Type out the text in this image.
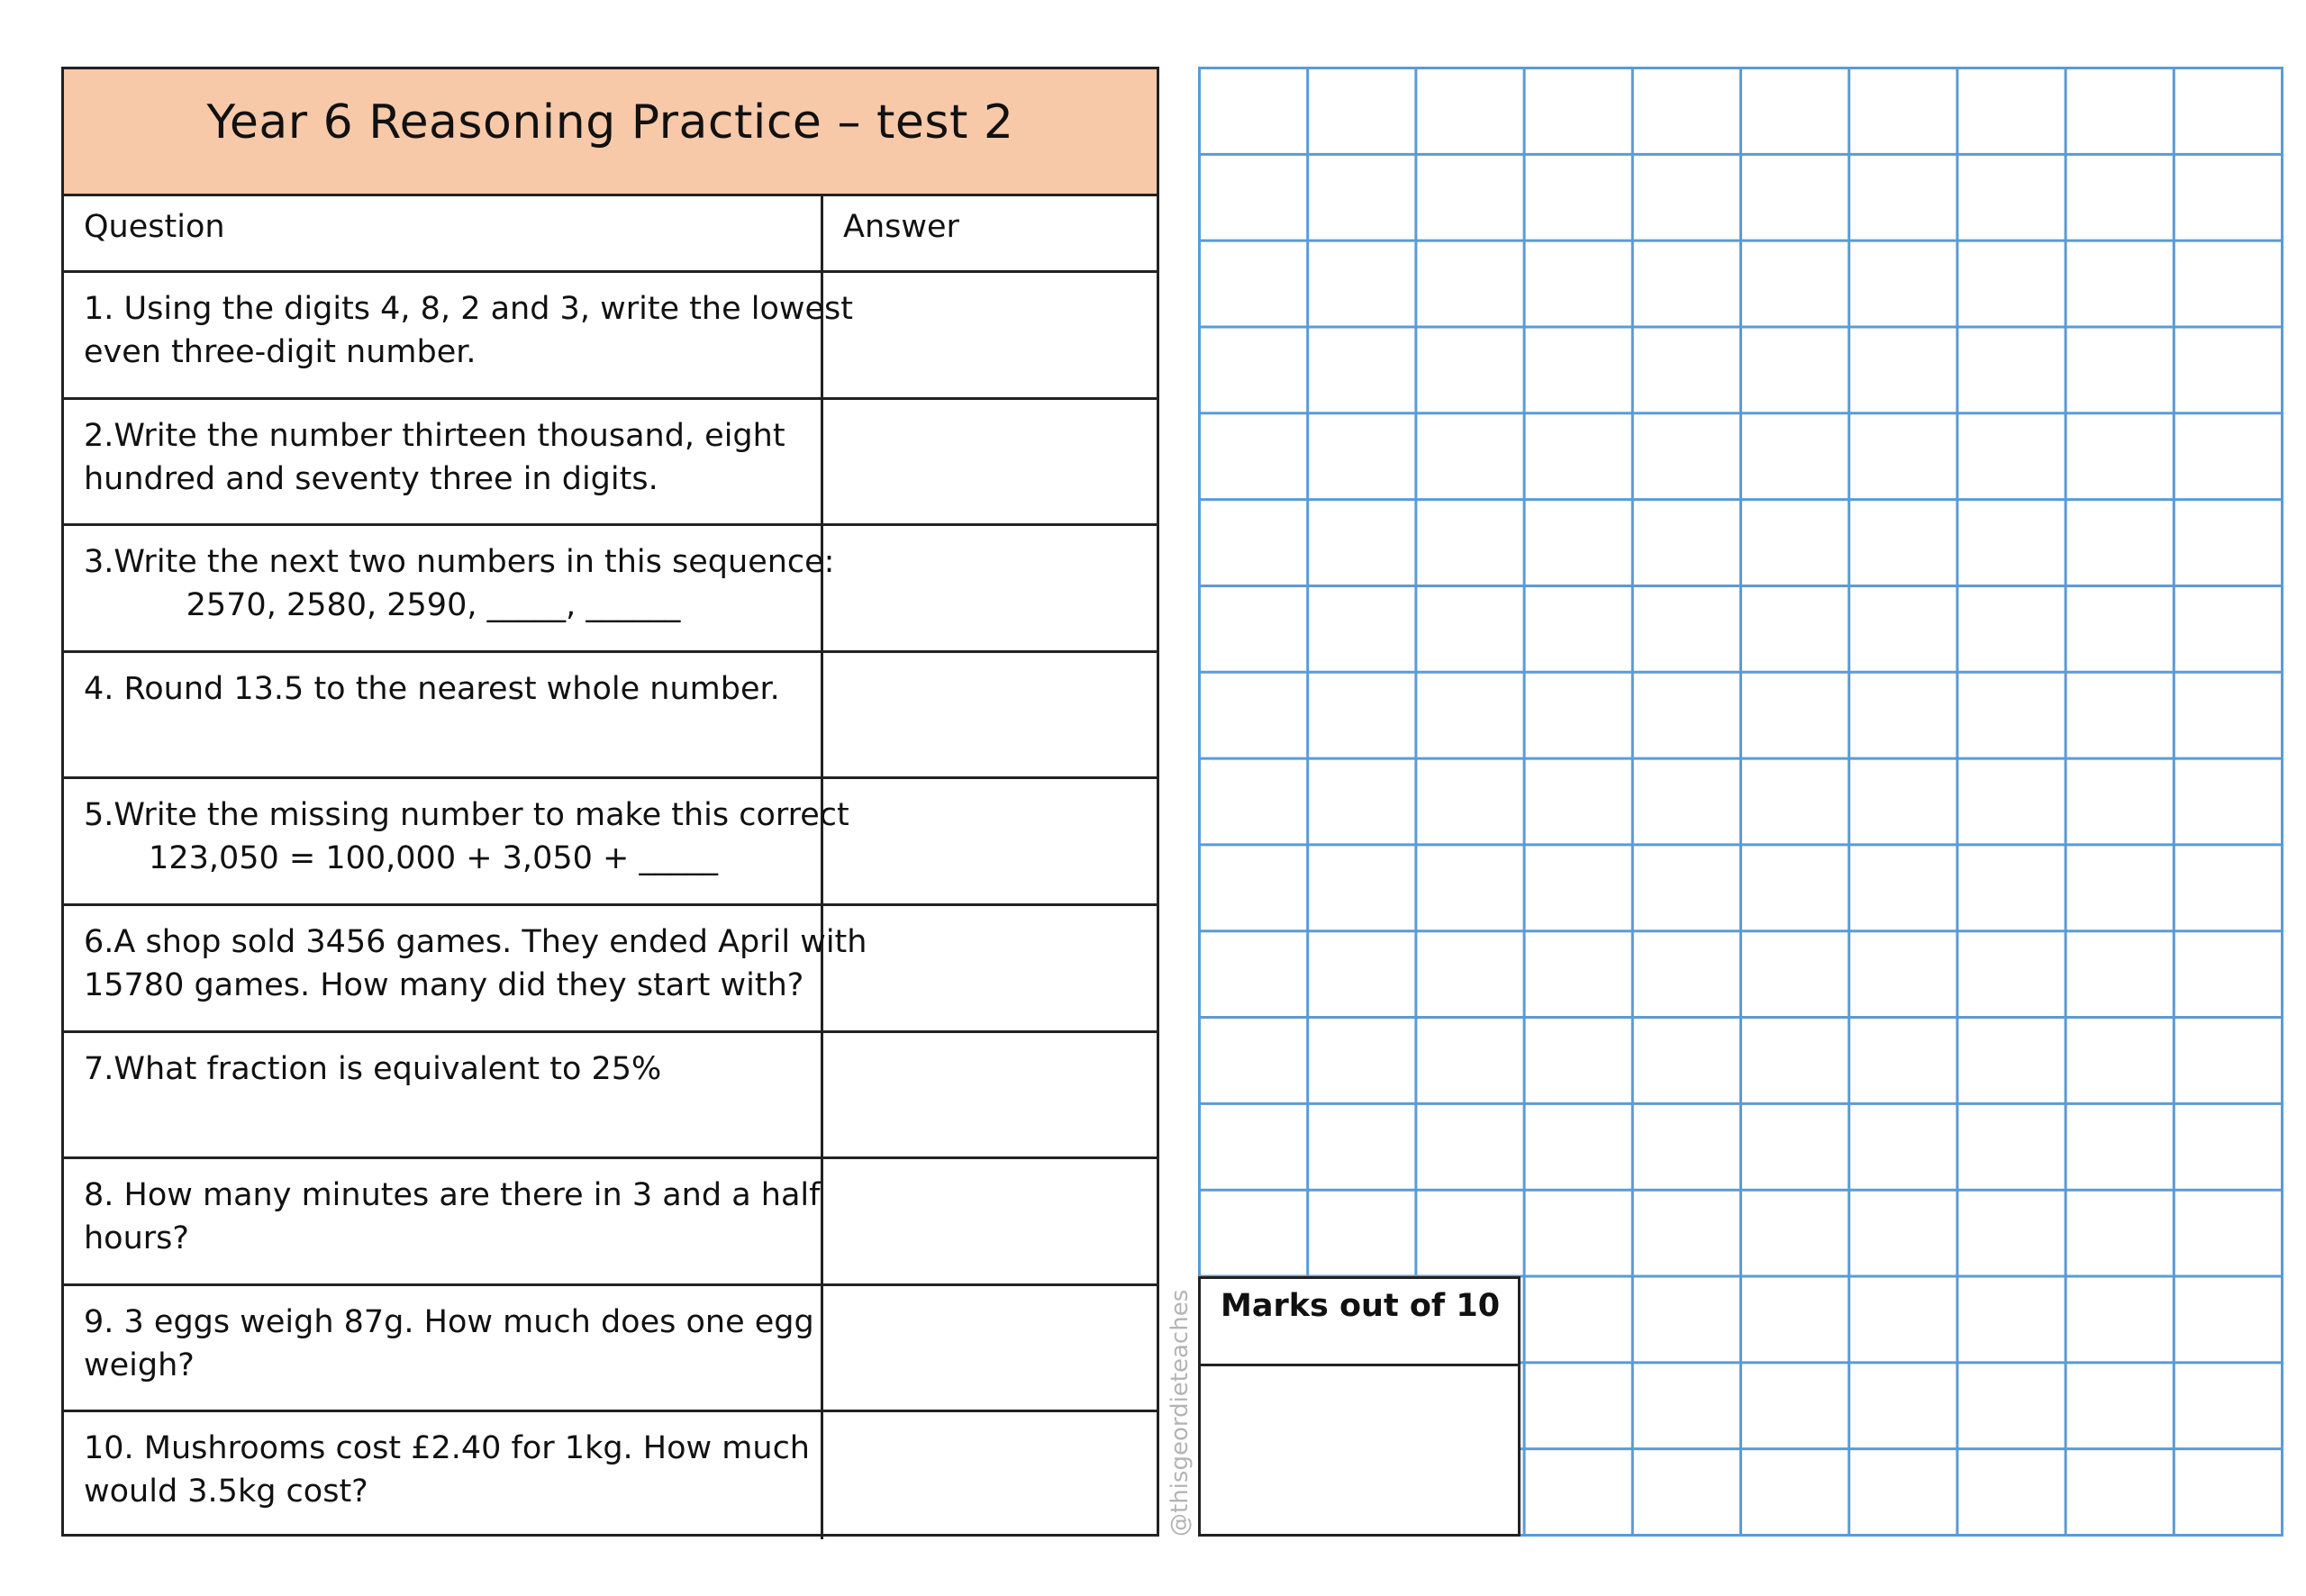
Year 6 Reasoning Practice – test 2
Question	Answer
1. Using the digits 4, 8, 2 and 3, write the lowest
even three-digit number.
2.Write the number thirteen thousand, eight
hundred and seventy three in digits.
3.Write the next two numbers in this sequence:
2570, 2580, 2590, _____, ______
4. Round 13.5 to the nearest whole number.
5.Write the missing number to make this correct
123,050 = 100,000 + 3,050 + _____
6.A shop sold 3456 games. They ended April with
15780 games. How many did they start with?
7.What fraction is equivalent to 25%
8. How many minutes are there in 3 and a half
hours?
9. 3 eggs weigh 87g. How much does one egg
weigh?
10. Mushrooms cost £2.40 for 1kg. How much
would 3.5kg cost?
Marks out of 10
@thisgeordieteaches
